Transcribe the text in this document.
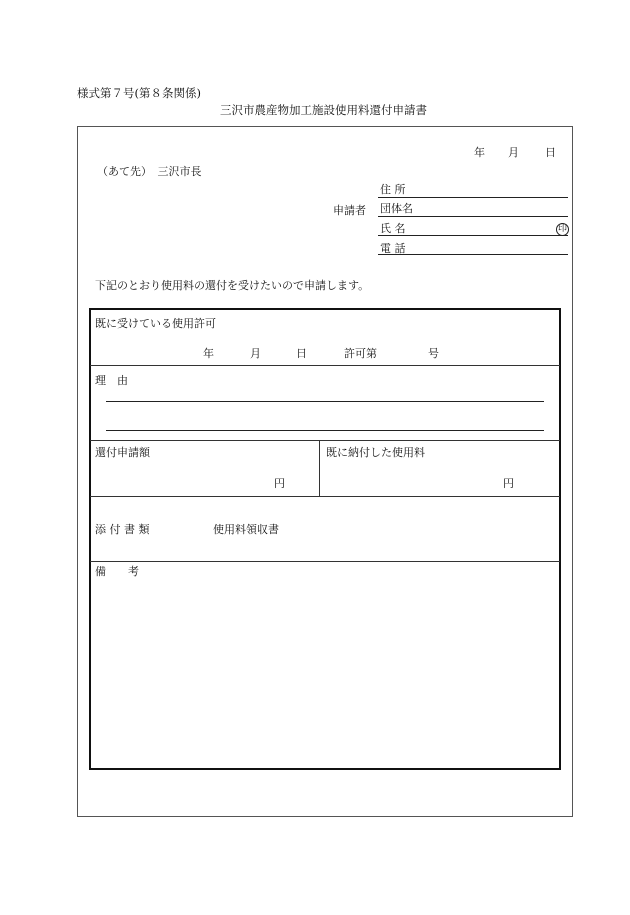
様式第７号(第８条関係)
三沢市農産物加工施設使用料還付申請書
年 月 日
（あて先）　三沢市長
申請者
住 所
団体名
氏 名	印
電 話
下記のとおり使用料の還付を受けたいので申請します。
既に受けている使用許可
年	月	日	許可第	号
理　由
還付申請額
円
既に納付した使用料
円
添 付 書 類	使用料領収書
備　　考
